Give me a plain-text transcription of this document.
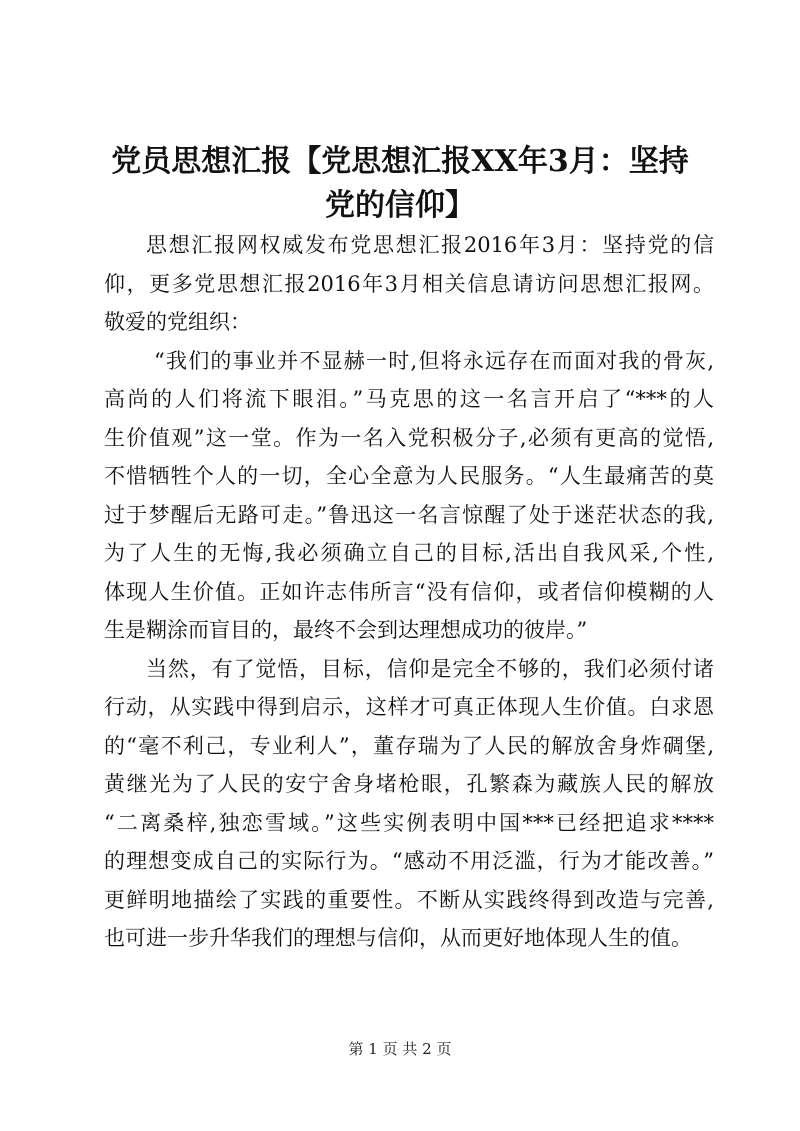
党员思想汇报【党思想汇报XX年3月：坚持
党的信仰】
思想汇报网权威发布党思想汇报2016年3月：坚持党的信
仰，更多党思想汇报2016年3月相关信息请访问思想汇报网。
敬爱的党组织：
“我们的事业并不显赫一时,但将永远存在而面对我的骨灰,
高尚的人们将流下眼泪。”马克思的这一名言开启了“***的人
生价值观”这一堂。作为一名入党积极分子,必须有更高的觉悟,
不惜牺牲个人的一切，全心全意为人民服务。“人生最痛苦的莫
过于梦醒后无路可走。”鲁迅这一名言惊醒了处于迷茫状态的我,
为了人生的无悔,我必须确立自己的目标,活出自我风采,个性,
体现人生价值。正如许志伟所言“没有信仰，或者信仰模糊的人
生是糊涂而盲目的，最终不会到达理想成功的彼岸。”
当然，有了觉悟，目标，信仰是完全不够的，我们必须付诸
行动，从实践中得到启示，这样才可真正体现人生价值。白求恩
的“毫不利己，专业利人”，董存瑞为了人民的解放舍身炸碉堡,
黄继光为了人民的安宁舍身堵枪眼，孔繁森为藏族人民的解放
“二离桑梓,独恋雪域。”这些实例表明中国***已经把追求****
的理想变成自己的实际行为。“感动不用泛滥，行为才能改善。”
更鲜明地描绘了实践的重要性。不断从实践终得到改造与完善,
也可进一步升华我们的理想与信仰，从而更好地体现人生的值。
第 1 页 共 2 页
